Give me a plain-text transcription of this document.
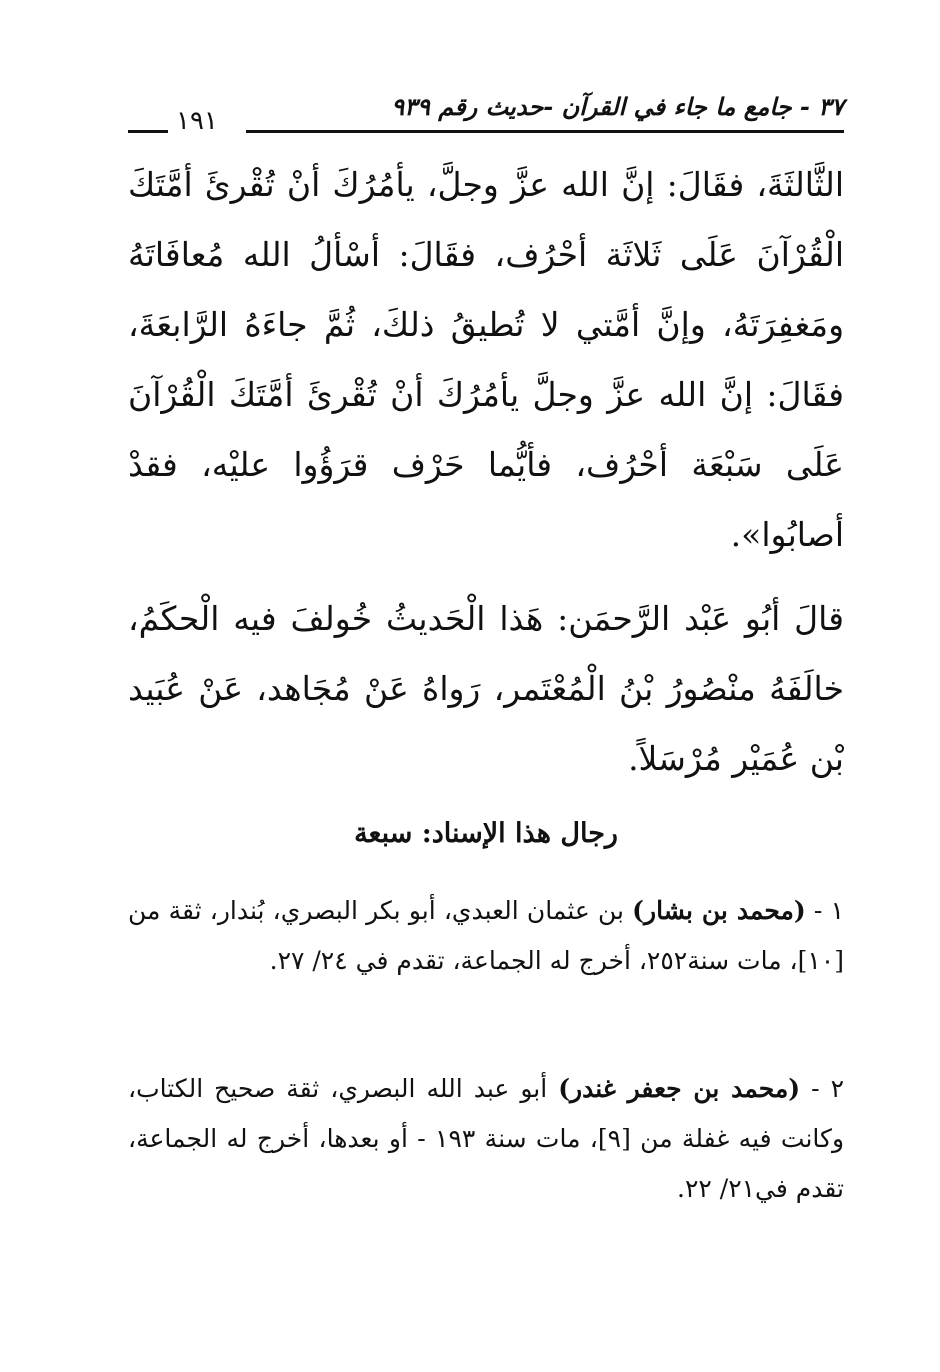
٣٧ - جامع ما جاء في القرآن -حديث رقم ٩٣٩
١٩١

الثَّالثَةَ، فقَالَ: إنَّ الله عزَّ وجلَّ، يأمُرُكَ أنْ تُقْرئَ أمَّتَكَ الْقُرْآنَ عَلَى ثَلاثَة أحْرُف، فقَالَ: أسْألُ الله مُعافَاتَهُ ومَغفِرَتَهُ، وإنَّ أمَّتي لا تُطيقُ ذلكَ، ثُمَّ جاءَهُ الرَّابعَةَ، فقَالَ: إنَّ الله عزَّ وجلَّ يأمُرُكَ أنْ تُقْرئَ أمَّتَكَ الْقُرْآنَ عَلَى سَبْعَة أحْرُف، فأيُّما حَرْف قرَؤُوا عليْه، فقدْ أصابُوا».

قالَ أبُو عَبْد الرَّحمَن: هَذا الْحَديثُ خُولفَ فيه الْحكَمُ، خالَفَهُ منْصُورُ بْنُ الْمُعْتَمر، رَواهُ عَنْ مُجَاهد، عَنْ عُبَيد بْن عُمَيْر مُرْسَلاً.

رجال هذا الإسناد: سبعة

١ - (محمد بن بشار) بن عثمان العبدي، أبو بكر البصري، بُندار، ثقة من [١٠]، مات سنة٢٥٢، أخرج له الجماعة، تقدم في ٢٤/ ٢٧.

٢ - (محمد بن جعفر غندر) أبو عبد الله البصري، ثقة صحيح الكتاب، وكانت فيه غفلة من [٩]، مات سنة ١٩٣ - أو بعدها، أخرج له الجماعة، تقدم في٢١/ ٢٢.
